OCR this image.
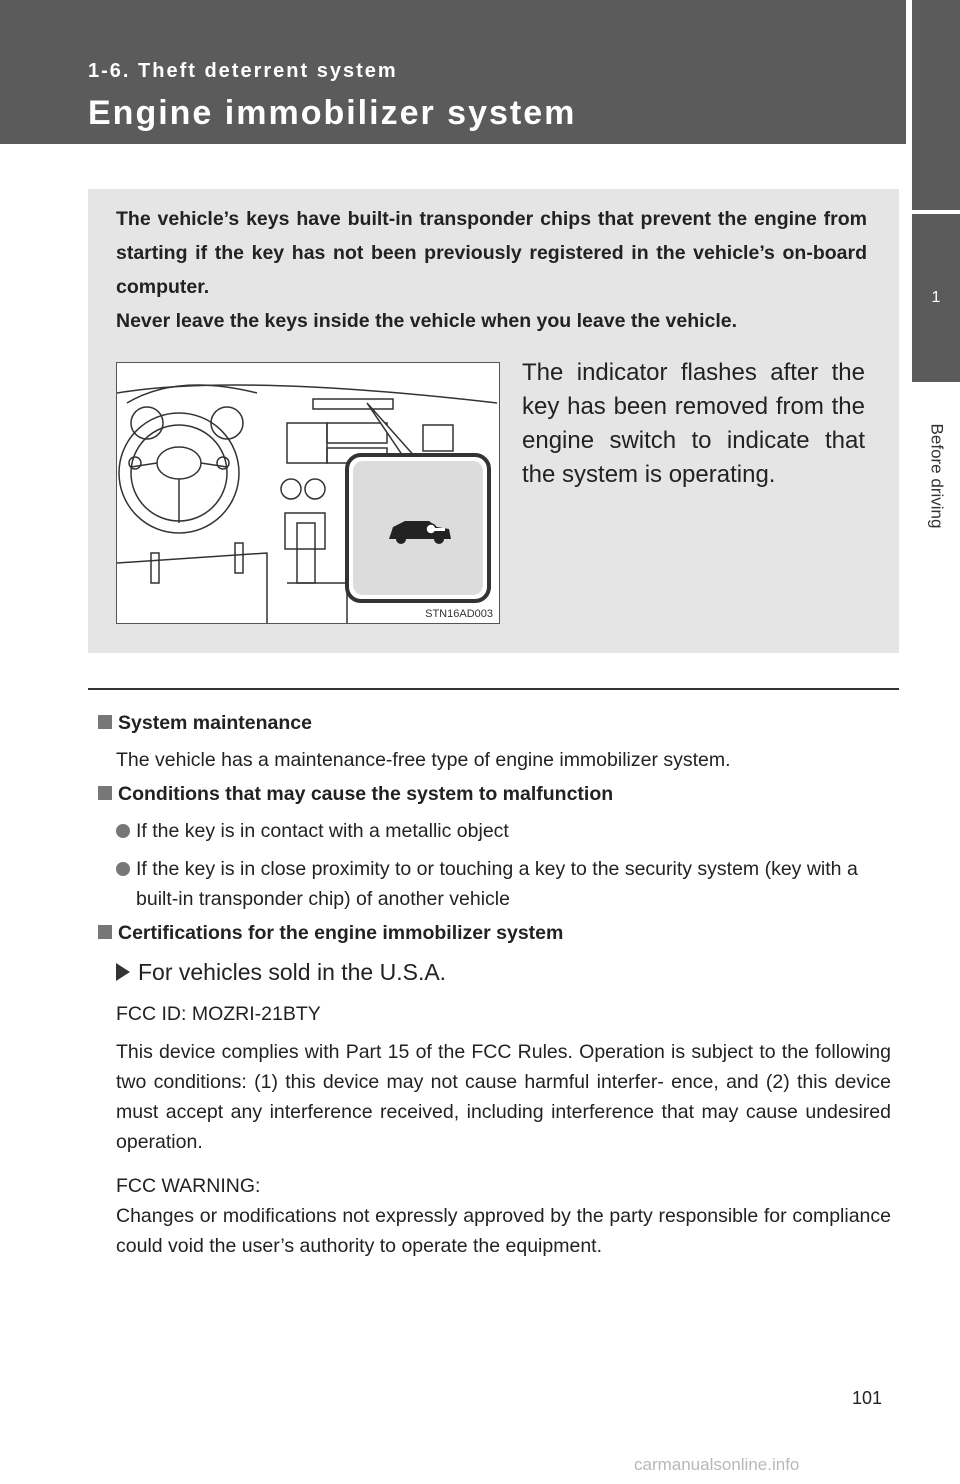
1-6. Theft deterrent system
Engine immobilizer system
1
Before driving

The vehicle’s keys have built-in transponder chips that prevent the engine from starting if the key has not been previously registered in the vehicle’s on-board computer.

Never leave the keys inside the vehicle when you leave the vehicle.

STN16AD003
The indicator flashes after the key has been removed from the engine switch to indicate that the system is operating.
System maintenance
The vehicle has a maintenance-free type of engine immobilizer system.
Conditions that may cause the system to malfunction
If the key is in contact with a metallic object
If the key is in close proximity to or touching a key to the security system (key with a built-in transponder chip) of another vehicle
Certifications for the engine immobilizer system
For vehicles sold in the U.S.A.
FCC ID: MOZRI-21BTY
This device complies with Part 15 of the FCC Rules. Operation is subject to the following two conditions: (1) this device may not cause harmful interfer- ence, and (2) this device must accept any interference received, including interference that may cause undesired operation.
FCC WARNING:
Changes or modifications not expressly approved by the party responsible for compliance could void the user’s authority to operate the equipment.
101
carmanualsonline.info
